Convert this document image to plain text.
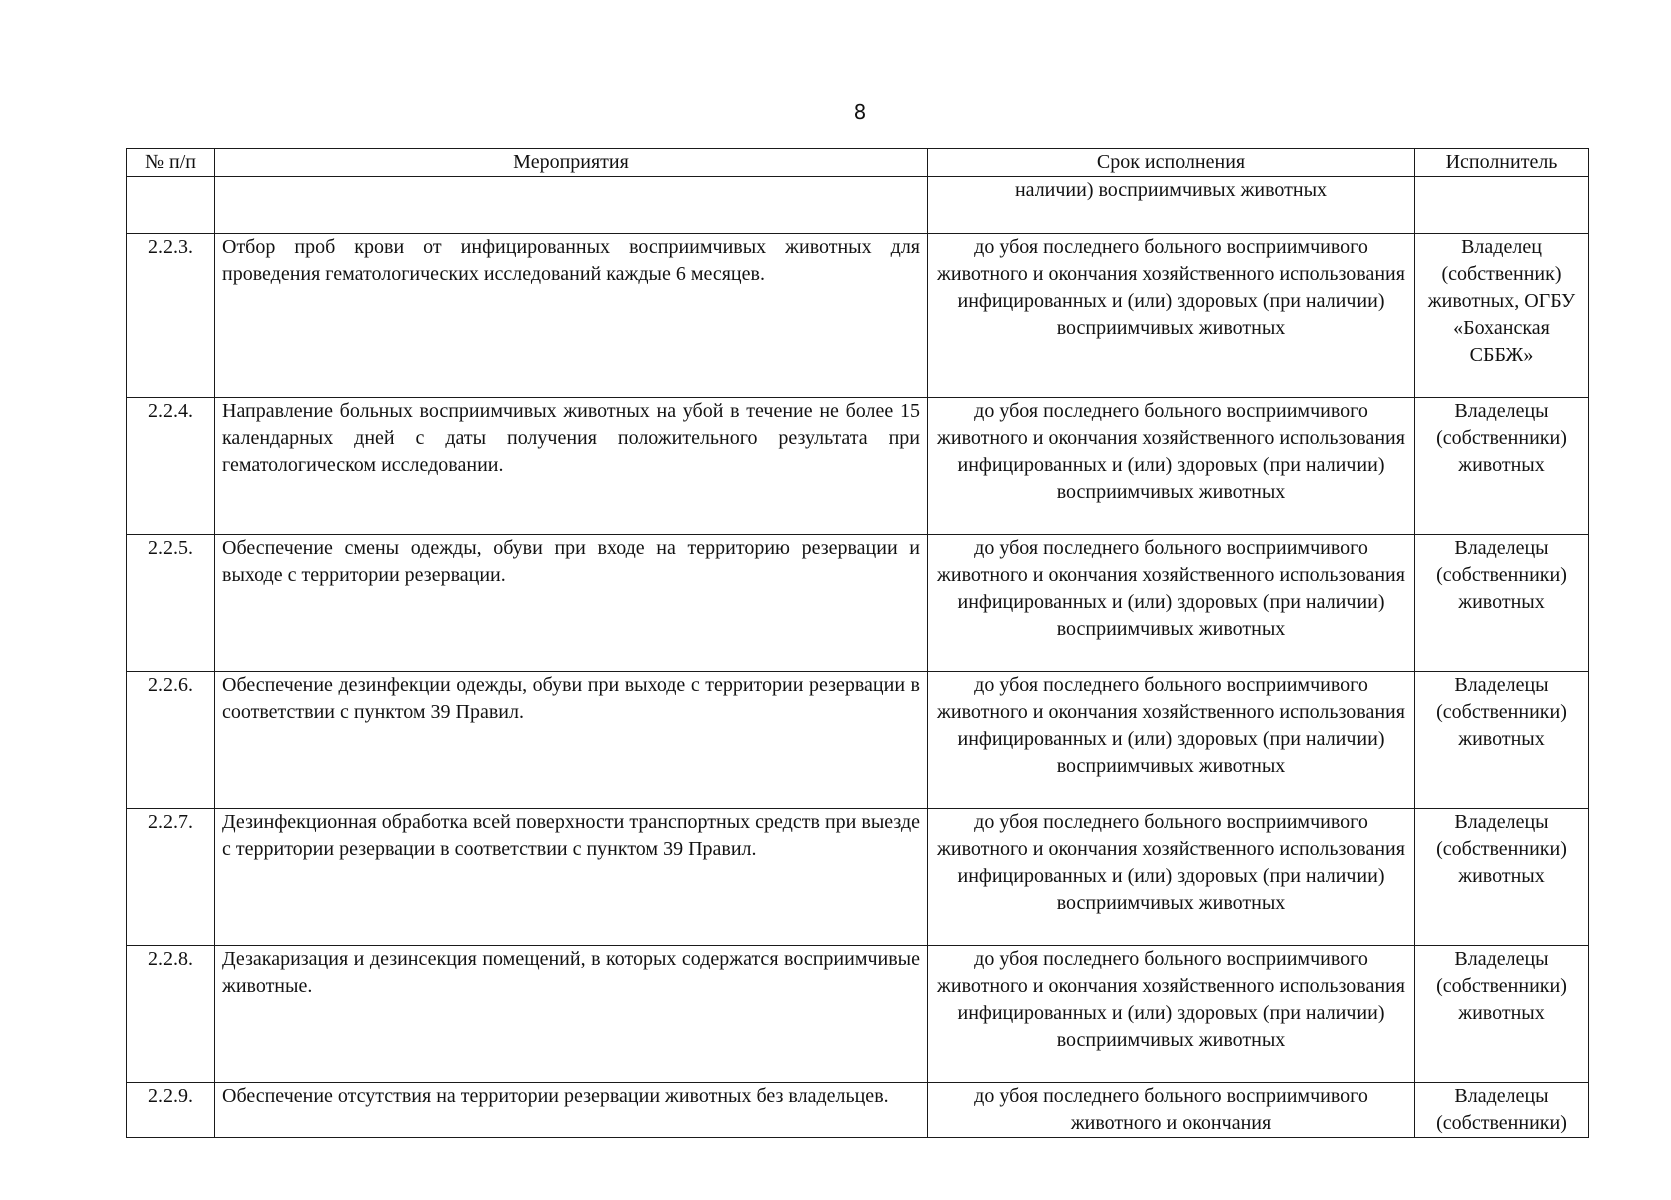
8
№ п/п	Мероприятия	Срок исполнения	Исполнитель
		наличии) восприимчивых животных	
2.2.3.	Отбор проб крови от инфицированных восприимчивых животных для проведения гематологических исследований каждые 6 месяцев.	до убоя последнего больного восприимчивого животного и окончания хозяйственного использования инфицированных и (или) здоровых (при наличии) восприимчивых животных	Владелец (собственник) животных, ОГБУ «Боханская СББЖ»
2.2.4.	Направление больных восприимчивых животных на убой в течение не более 15 календарных дней с даты получения положительного результата при гематологическом исследовании.	до убоя последнего больного восприимчивого животного и окончания хозяйственного использования инфицированных и (или) здоровых (при наличии) восприимчивых животных	Владелецы (собственники) животных
2.2.5.	Обеспечение смены одежды, обуви при входе на территорию резервации и выходе с территории резервации.	до убоя последнего больного восприимчивого животного и окончания хозяйственного использования инфицированных и (или) здоровых (при наличии) восприимчивых животных	Владелецы (собственники) животных
2.2.6.	Обеспечение дезинфекции одежды, обуви при выходе с территории резервации в соответствии с пунктом 39 Правил.	до убоя последнего больного восприимчивого животного и окончания хозяйственного использования инфицированных и (или) здоровых (при наличии) восприимчивых животных	Владелецы (собственники) животных
2.2.7.	Дезинфекционная обработка всей поверхности транспортных средств при выезде с территории резервации в соответствии с пунктом 39 Правил.	до убоя последнего больного восприимчивого животного и окончания хозяйственного использования инфицированных и (или) здоровых (при наличии) восприимчивых животных	Владелецы (собственники) животных
2.2.8.	Дезакаризация и дезинсекция помещений, в которых содержатся восприимчивые животные.	до убоя последнего больного восприимчивого животного и окончания хозяйственного использования инфицированных и (или) здоровых (при наличии) восприимчивых животных	Владелецы (собственники) животных
2.2.9.	Обеспечение отсутствия на территории резервации животных без владельцев.	до убоя последнего больного восприимчивого животного и окончания	Владелецы (собственники)
